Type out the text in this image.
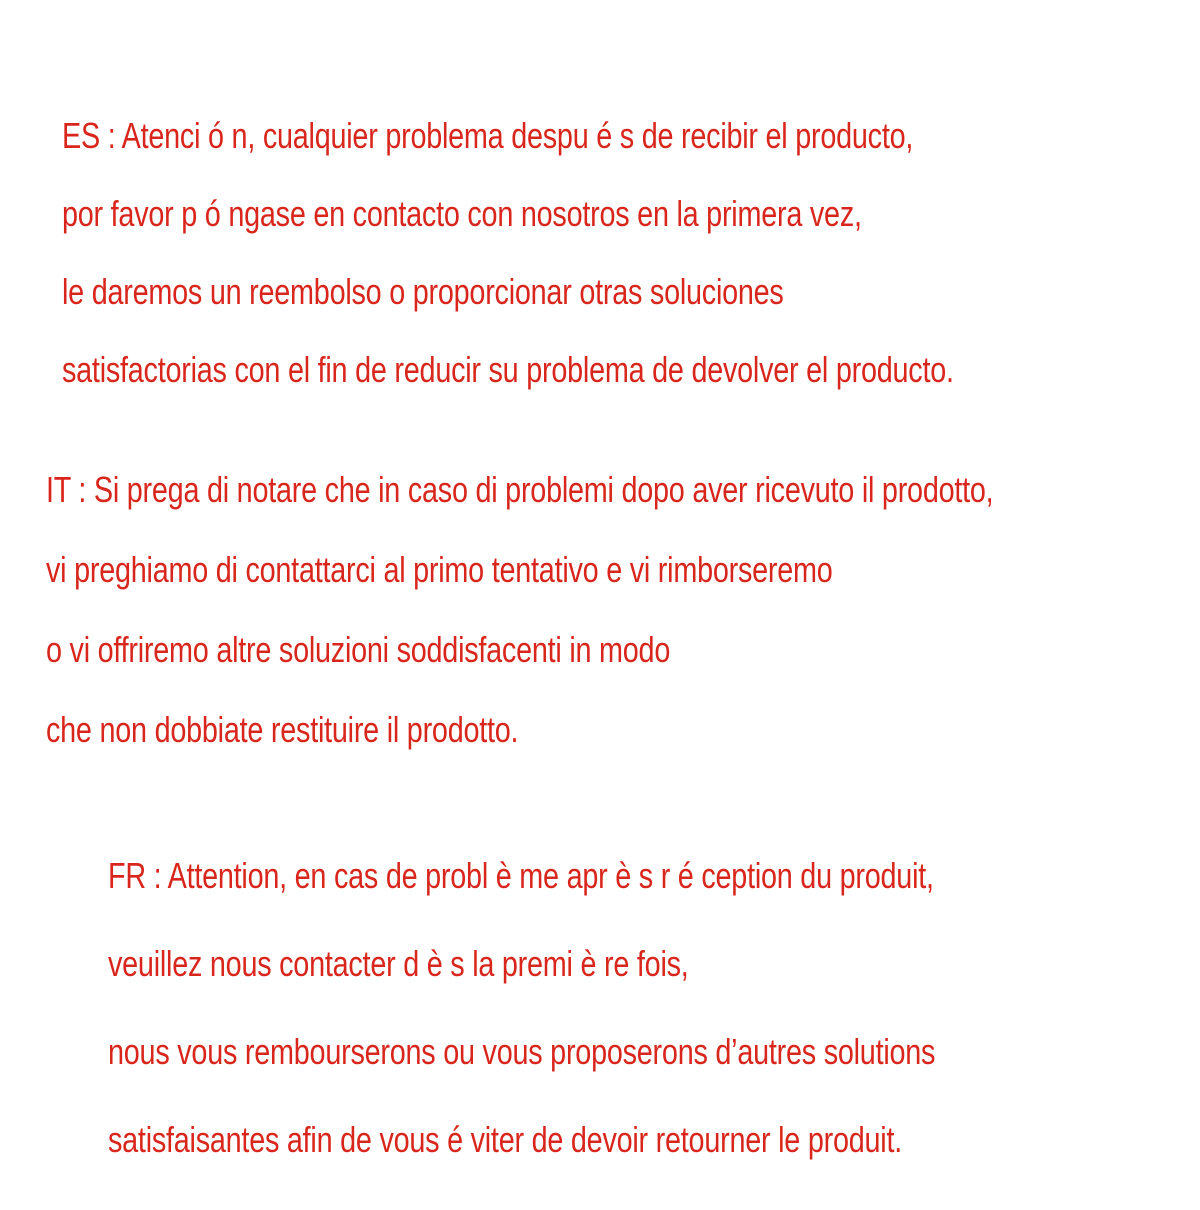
ES : Atenci ó n, cualquier problema despu é s de recibir el producto,
por favor p ó ngase en contacto con nosotros en la primera vez,
le daremos un reembolso o proporcionar otras soluciones
satisfactorias con el fin de reducir su problema de devolver el producto.
IT : Si prega di notare che in caso di problemi dopo aver ricevuto il prodotto,
vi preghiamo di contattarci al primo tentativo e vi rimborseremo
o vi offriremo altre soluzioni soddisfacenti in modo
che non dobbiate restituire il prodotto.
FR : Attention, en cas de probl è me apr è s r é ception du produit,
veuillez nous contacter d è s la premi è re fois,
nous vous rembourserons ou vous proposerons d’autres solutions
satisfaisantes afin de vous é viter de devoir retourner le produit.
